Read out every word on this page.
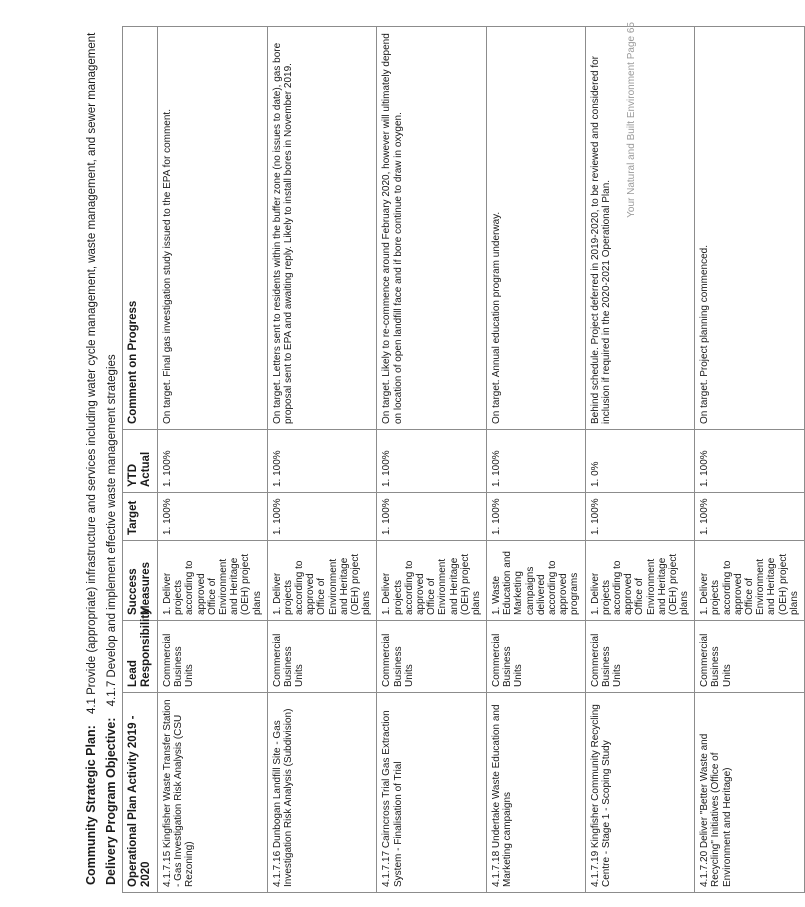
Community Strategic Plan: 4.1 Provide (appropriate) infrastructure and services including water cycle management, waste management, and sewer management
Delivery Program Objective: 4.1.7 Develop and implement effective waste management strategies
Operational Plan Activity 2019 - 2020	Lead Responsibility	Success Measures	Target	YTD Actual	Comment on Progress
4.1.7.15 Kingfisher Waste Transfer Station - Gas Investigation Risk Analysis (CSU Rezoning)	Commercial Business Units	1. Deliver projects according to approved Office of Environment and Heritage (OEH) project plans	1. 100%	1. 100%	On target. Final gas investigation study issued to the EPA for comment.
4.1.7.16 Dunbogan Landfill Site - Gas Investigation Risk Analysis (Subdivision)	Commercial Business Units	1. Deliver projects according to approved Office of Environment and Heritage (OEH) project plans	1. 100%	1. 100%	On target. Letters sent to residents within the buffer zone (no issues to date), gas bore proposal sent to EPA and awaiting reply. Likely to install bores in November 2019.
4.1.7.17 Cairncross Trial Gas Extraction System - Finalisation of Trial	Commercial Business Units	1. Deliver projects according to approved Office of Environment and Heritage (OEH) project plans	1. 100%	1. 100%	On target. Likely to re-commence around February 2020, however will ultimately depend on location of open landfill face and if bore continue to draw in oxygen.
4.1.7.18 Undertake Waste Education and Marketing campaigns	Commercial Business Units	1. Waste Education and Marketing campaigns delivered according to approved programs	1. 100%	1. 100%	On target. Annual education program underway.
4.1.7.19 Kingfisher Community Recycling Centre - Stage 1 - Scoping Study	Commercial Business Units	1. Deliver projects according to approved Office of Environment and Heritage (OEH) project plans	1. 100%	1. 0%	Behind schedule. Project deferred in 2019-2020, to be reviewed and considered for inclusion if required in the 2020-2021 Operational Plan.
4.1.7.20 Deliver "Better Waste and Recycling" Initiatives (Office of Environment and Heritage)	Commercial Business Units	1. Deliver projects according to approved Office of Environment and Heritage (OEH) project plans	1. 100%	1. 100%	On target. Project planning commenced.
Your Natural and Built Environment Page 65
